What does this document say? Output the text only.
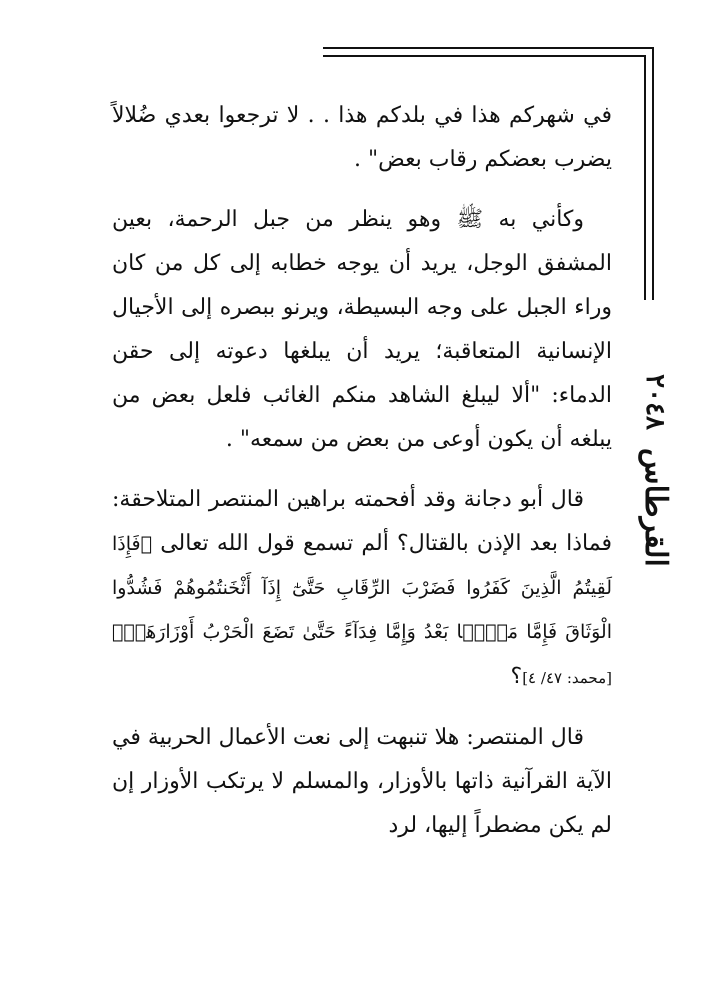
القرطاس
٢٠٤٨

في شهركم هذا في بلدكم هذا . . لا ترجعوا بعدي ضُلالاً يضرب بعضكم رقاب بعض" .

وكأني به ﷺ وهو ينظر من جبل الرحمة، بعين المشفق الوجل، يريد أن يوجه خطابه إلى كل من كان وراء الجبل على وجه البسيطة، ويرنو ببصره إلى الأجيال الإنسانية المتعاقبة؛ يريد أن يبلغها دعوته إلى حقن الدماء: "ألا ليبلغ الشاهد منكم الغائب فلعل بعض من يبلغه أن يكون أوعى من بعض من سمعه" .

قال أبو دجانة وقد أفحمته براهين المنتصر المتلاحقة: فماذا بعد الإذن بالقتال؟ ألم تسمع قول الله تعالى ﴿فَإِذَا لَقِيتُمُ الَّذِينَ كَفَرُوا فَضَرْبَ الرِّقَابِ حَتَّىٰٓ إِذَآ أَثْخَنتُمُوهُمْ فَشُدُّوا الْوَثَاقَ فَإِمَّا مَنًّۢا بَعْدُ وَإِمَّا فِدَآءً حَتَّىٰ تَضَعَ الْحَرْبُ أَوْزَارَهَاۚ﴾ [محمد: ٤٧/ ٤]؟

قال المنتصر: هلا تنبهت إلى نعت الأعمال الحربية في الآية القرآنية ذاتها بالأوزار، والمسلم لا يرتكب الأوزار إن لم يكن مضطراً إليها، لرد
